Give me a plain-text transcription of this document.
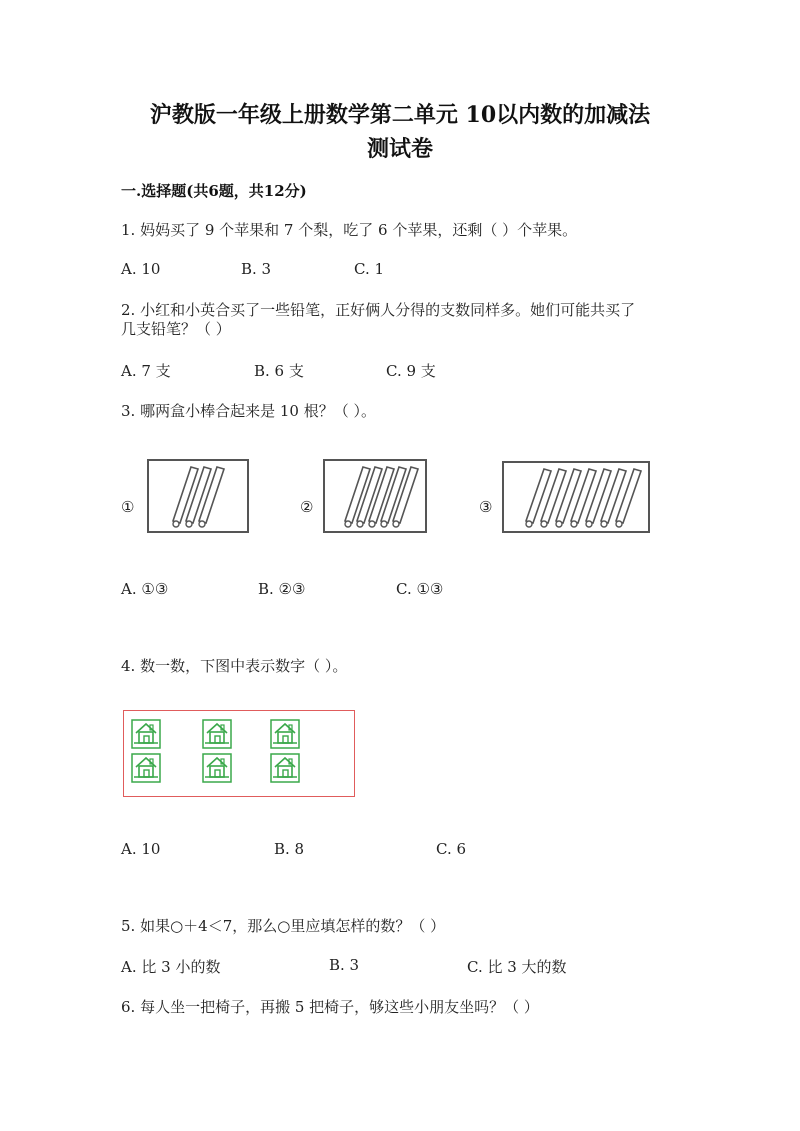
沪教版一年级上册数学第二单元 10以内数的加减法
测试卷
一.选择题(共6题，共12分)
1. 妈妈买了 9 个苹果和 7 个梨，吃了 6 个苹果，还剩（ ）个苹果。
A. 10	B. 3	C. 1
2. 小红和小英合买了一些铅笔，正好俩人分得的支数同样多。她们可能共买了
几支铅笔？（ ）
A. 7 支	B. 6 支	C. 9 支
3. 哪两盒小棒合起来是 10 根？（ ）。
①	②	③
A. ①③	B. ②③	C. ①③
4. 数一数，下图中表示数字（ ）。
A. 10	B. 8	C. 6
5. 如果○＋4＜7，那么○里应填怎样的数？（ ）
A. 比 3 小的数	B. 3	C. 比 3 大的数
6. 每人坐一把椅子，再搬 5 把椅子，够这些小朋友坐吗？（ ）
